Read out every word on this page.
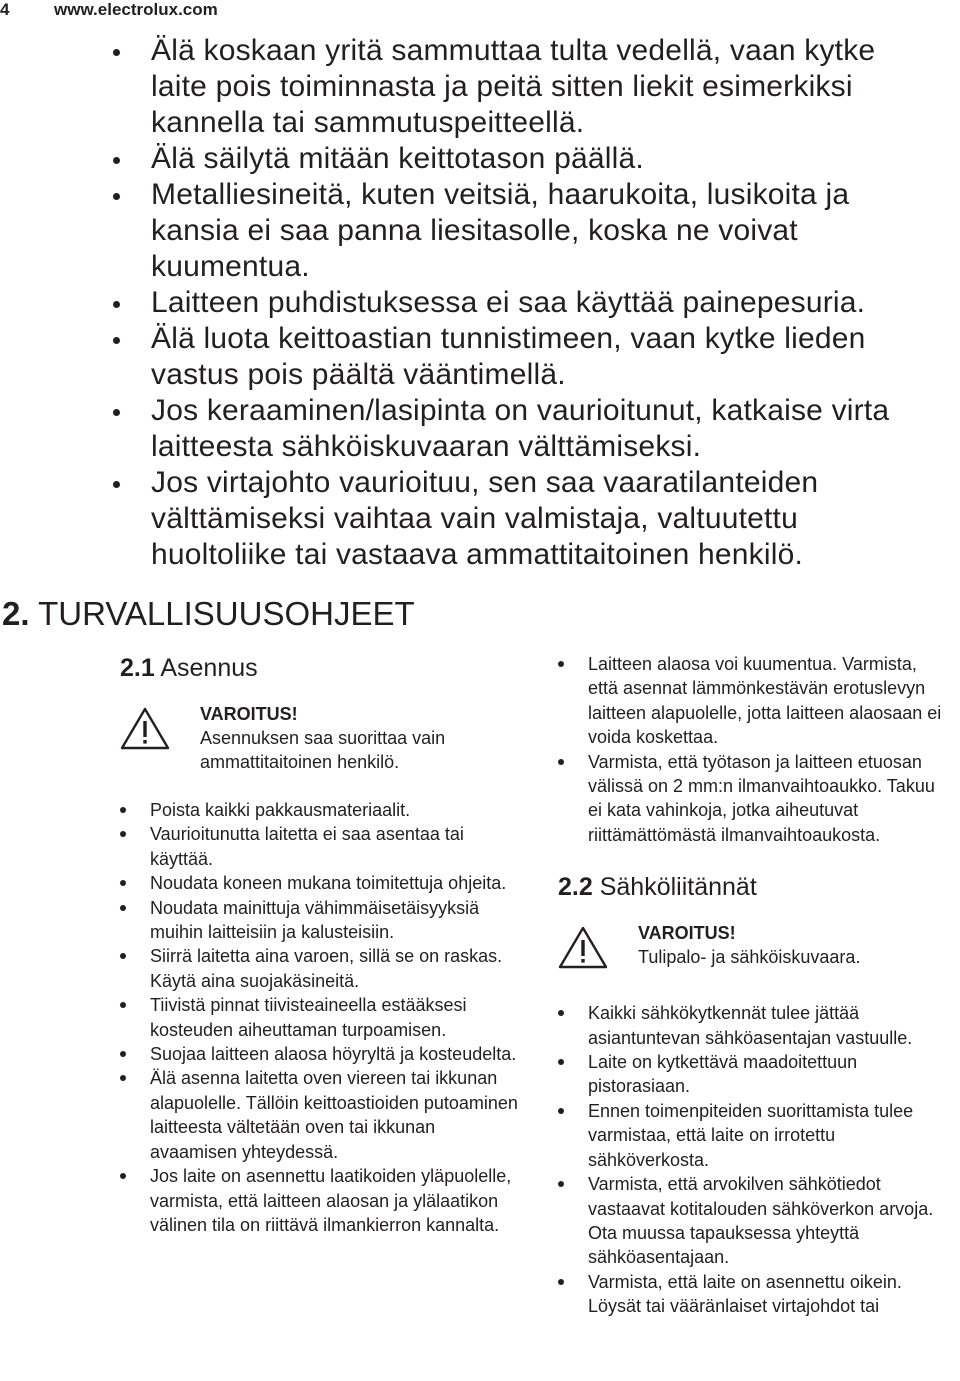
4	www.electrolux.com
Älä koskaan yritä sammuttaa tulta vedellä, vaan kytke laite pois toiminnasta ja peitä sitten liekit esimerkiksi kannella tai sammutuspeitteellä.
Älä säilytä mitään keittotason päällä.
Metalliesineitä, kuten veitsiä, haarukoita, lusikoita ja kansia ei saa panna liesitasolle, koska ne voivat kuumentua.
Laitteen puhdistuksessa ei saa käyttää painepesuria.
Älä luota keittoastian tunnistimeen, vaan kytke lieden vastus pois päältä vääntimellä.
Jos keraaminen/lasipinta on vaurioitunut, katkaise virta laitteesta sähköiskuvaaran välttämiseksi.
Jos virtajohto vaurioituu, sen saa vaaratilanteiden välttämiseksi vaihtaa vain valmistaja, valtuutettu huoltoliike tai vastaava ammattitaitoinen henkilö.
2. TURVALLISUUSOHJEET
2.1 Asennus
VAROITUS!
Asennuksen saa suorittaa vain ammattitaitoinen henkilö.
Poista kaikki pakkausmateriaalit.
Vaurioitunutta laitetta ei saa asentaa tai käyttää.
Noudata koneen mukana toimitettuja ohjeita.
Noudata mainittuja vähimmäisetäisyyksiä muihin laitteisiin ja kalusteisiin.
Siirrä laitetta aina varoen, sillä se on raskas. Käytä aina suojakäsineitä.
Tiivistä pinnat tiivisteaineella estääksesi kosteuden aiheuttaman turpoamisen.
Suojaa laitteen alaosa höyryltä ja kosteudelta.
Älä asenna laitetta oven viereen tai ikkunan alapuolelle. Tällöin keittoastioiden putoaminen laitteesta vältetään oven tai ikkunan avaamisen yhteydessä.
Jos laite on asennettu laatikoiden yläpuolelle, varmista, että laitteen alaosan ja ylälaatikon välinen tila on riittävä ilmankierron kannalta.
Laitteen alaosa voi kuumentua. Varmista, että asennat lämmönkestävän erotuslevyn laitteen alapuolelle, jotta laitteen alaosaan ei voida koskettaa.
Varmista, että työtason ja laitteen etuosan välissä on 2 mm:n ilmanvaihtoaukko. Takuu ei kata vahinkoja, jotka aiheutuvat riittämättömästä ilmanvaihtoaukosta.
2.2 Sähköliitännät
VAROITUS!
Tulipalo- ja sähköiskuvaara.
Kaikki sähkökytkennät tulee jättää asiantuntevan sähköasentajan vastuulle.
Laite on kytkettävä maadoitettuun pistorasiaan.
Ennen toimenpiteiden suorittamista tulee varmistaa, että laite on irrotettu sähköverkosta.
Varmista, että arvokilven sähkötiedot vastaavat kotitalouden sähköverkon arvoja. Ota muussa tapauksessa yhteyttä sähköasentajaan.
Varmista, että laite on asennettu oikein. Löysät tai vääränlaiset virtajohdot tai
